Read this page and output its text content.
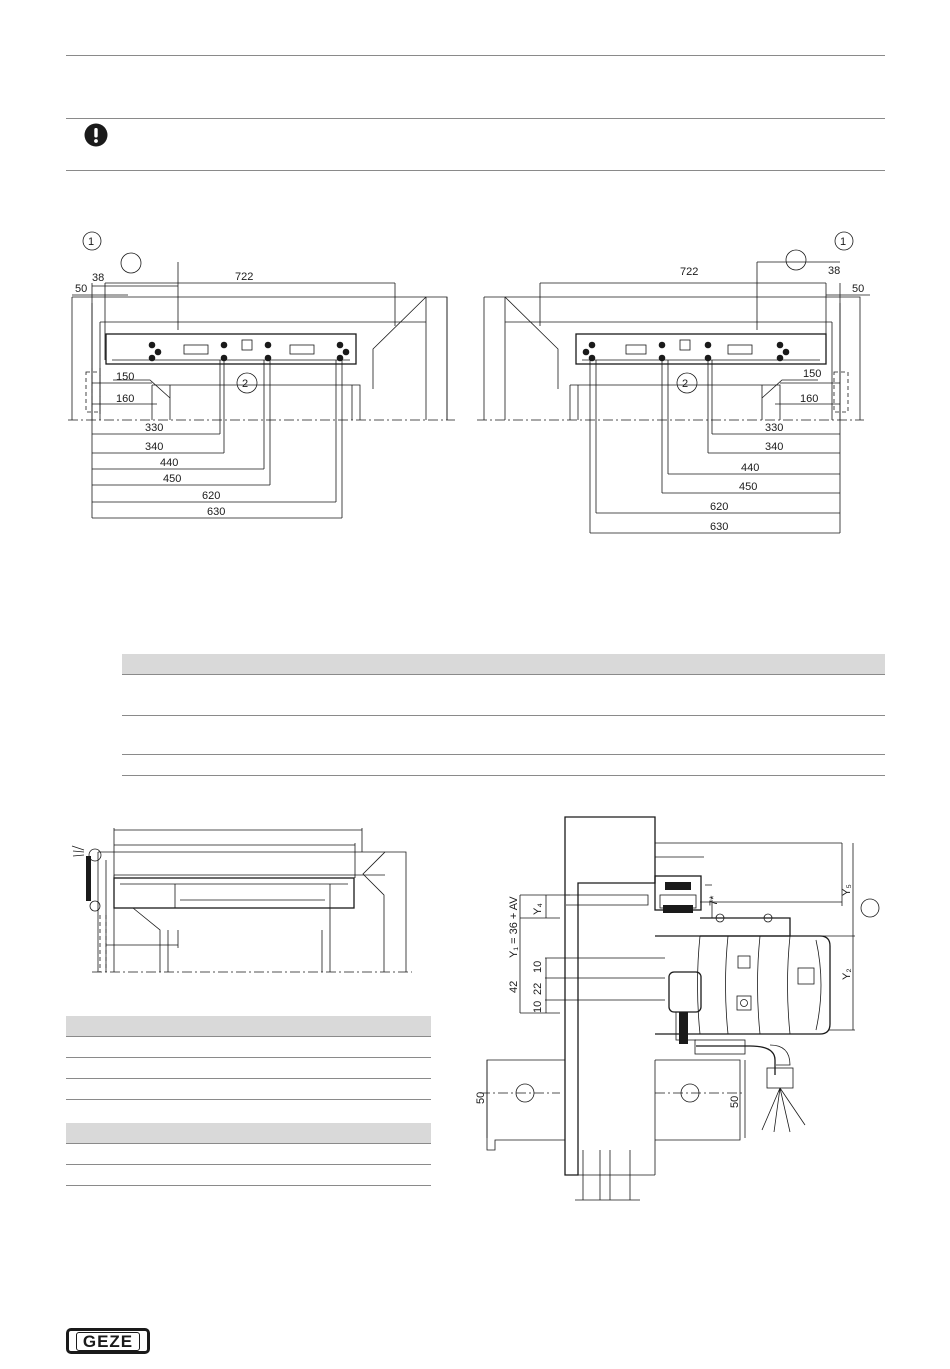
38
50
722
1
2
150
160
330
340
440
450
620
630
38
50
722
1
2
150
160
330
340
440
450
620
630
Y₁ = 36 + AV Y₄
Y₅
Y₂
7*
42
10
22
10
50	50
GEZE
